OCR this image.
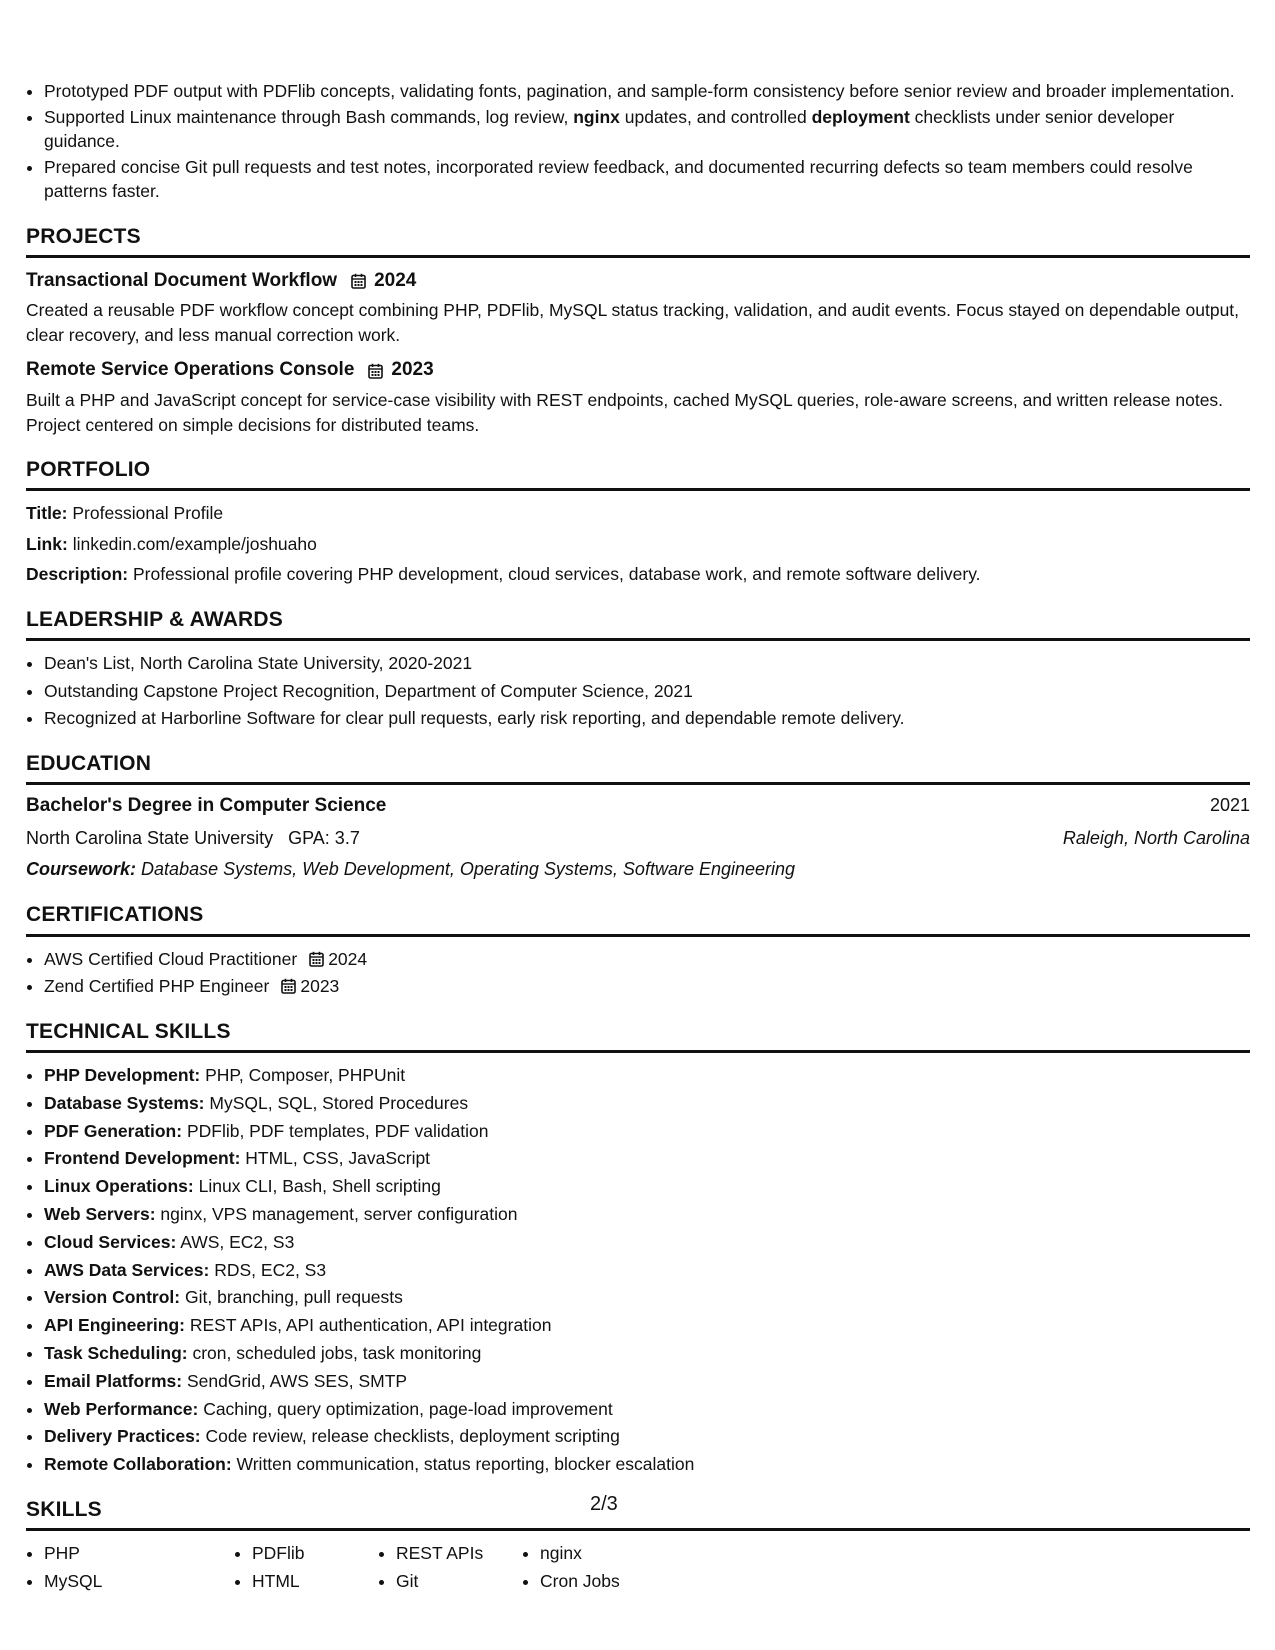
• Prototyped PDF output with PDFlib concepts, validating fonts, pagination, and sample-form consistency before senior review and broader implementation.
• Supported Linux maintenance through Bash commands, log review, nginx updates, and controlled deployment checklists under senior developer guidance.
• Prepared concise Git pull requests and test notes, incorporated review feedback, and documented recurring defects so team members could resolve patterns faster.
PROJECTS
Transactional Document Workflow 2024
Created a reusable PDF workflow concept combining PHP, PDFlib, MySQL status tracking, validation, and audit events. Focus stayed on dependable output, clear recovery, and less manual correction work.
Remote Service Operations Console 2023
Built a PHP and JavaScript concept for service-case visibility with REST endpoints, cached MySQL queries, role-aware screens, and written release notes. Project centered on simple decisions for distributed teams.
PORTFOLIO
Title: Professional Profile
Link: linkedin.com/example/joshuaho
Description: Professional profile covering PHP development, cloud services, database work, and remote software delivery.
LEADERSHIP & AWARDS
• Dean's List, North Carolina State University, 2020-2021
• Outstanding Capstone Project Recognition, Department of Computer Science, 2021
• Recognized at Harborline Software for clear pull requests, early risk reporting, and dependable remote delivery.
EDUCATION
Bachelor's Degree in Computer Science	2021
North Carolina State University GPA: 3.7	Raleigh, North Carolina
Coursework: Database Systems, Web Development, Operating Systems, Software Engineering
CERTIFICATIONS
• AWS Certified Cloud Practitioner 2024
• Zend Certified PHP Engineer 2023
TECHNICAL SKILLS
• PHP Development: PHP, Composer, PHPUnit
• Database Systems: MySQL, SQL, Stored Procedures
• PDF Generation: PDFlib, PDF templates, PDF validation
• Frontend Development: HTML, CSS, JavaScript
• Linux Operations: Linux CLI, Bash, Shell scripting
• Web Servers: nginx, VPS management, server configuration
• Cloud Services: AWS, EC2, S3
• AWS Data Services: RDS, EC2, S3
• Version Control: Git, branching, pull requests
• API Engineering: REST APIs, API authentication, API integration
• Task Scheduling: cron, scheduled jobs, task monitoring
• Email Platforms: SendGrid, AWS SES, SMTP
• Web Performance: Caching, query optimization, page-load improvement
• Delivery Practices: Code review, release checklists, deployment scripting
• Remote Collaboration: Written communication, status reporting, blocker escalation
SKILLS
• PHP
• MySQL
• PDFlib
• HTML
• REST APIs
• Git
• nginx
• Cron Jobs
2/3
